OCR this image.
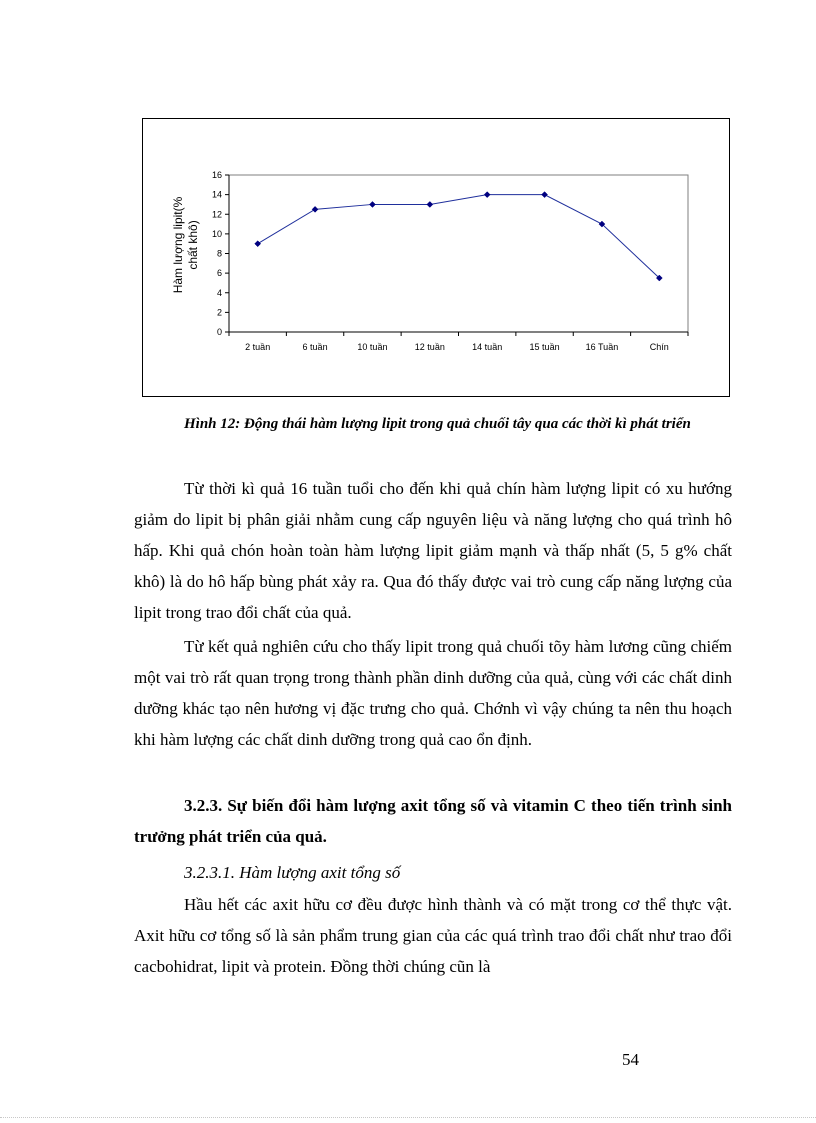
Hàm lượng lipit(% chất khô)
0
2
4
6
8
10
12
14
16
2 tuần	6 tuần	10 tuần	12 tuần	14 tuần	15 tuần	16 Tuần	Chín

Hình 12: Động thái hàm lượng lipit trong quả chuối tây qua các thời kì phát triển

Từ thời kì quả 16 tuần tuổi cho đến khi quả chín hàm lượng lipit có xu hướng giảm do lipit bị phân giải nhằm cung cấp nguyên liệu và năng lượng cho quá trình hô hấp. Khi quả chón hoàn toàn hàm lượng lipit giảm mạnh và thấp nhất (5, 5 g% chất khô) là do hô hấp bùng phát xảy ra. Qua đó thấy được vai trò cung cấp năng lượng của lipit trong trao đổi chất của quả.

Từ kết quả nghiên cứu cho thấy lipit trong quả chuối tõy hàm lương cũng chiếm một vai trò rất quan trọng trong thành phần dinh dưỡng của quả, cùng với các chất dinh dưỡng khác tạo nên hương vị đặc trưng cho quả. Chớnh vì vậy chúng ta nên thu hoạch khi hàm lượng các chất dinh dưỡng trong quả cao ổn định.

3.2.3. Sự biến đổi hàm lượng axit tổng số và vitamin C theo tiến trình sinh trưởng phát triển của quả.

3.2.3.1. Hàm lượng axit tổng số

Hầu hết các axit hữu cơ đều được hình thành và có mặt trong cơ thể thực vật. Axit hữu cơ tổng số là sản phẩm trung gian của các quá trình trao đổi chất như trao đổi cacbohidrat, lipit và protein. Đồng thời chúng cũn là

54
